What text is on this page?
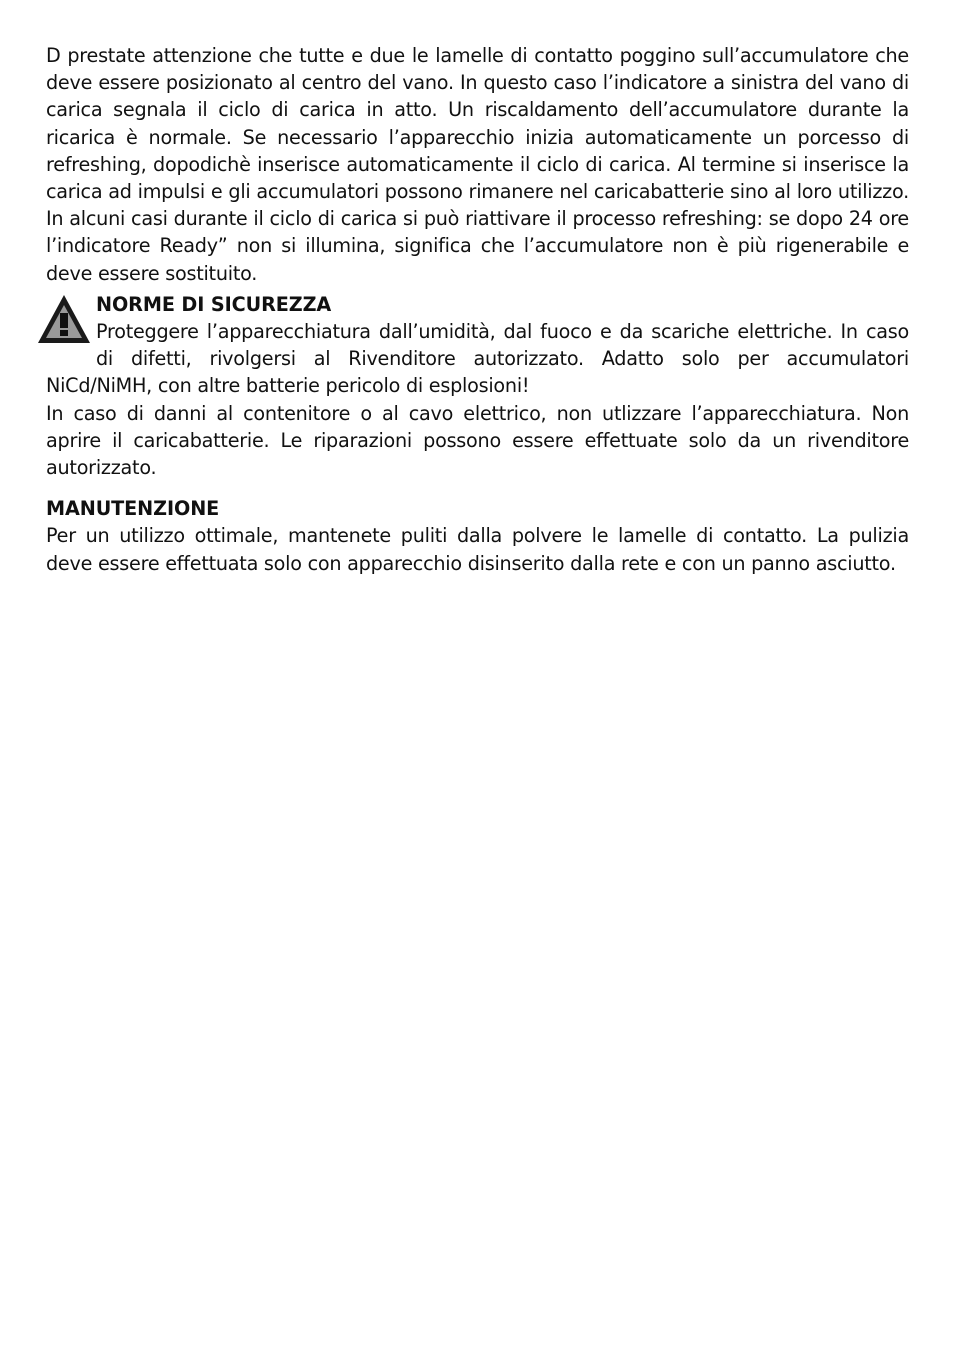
D prestate attenzione che tutte e due le lamelle di contatto poggino sull’accumulatore che deve essere posizionato al centro del vano. In questo caso l’indicatore a sinistra del vano di carica segnala il ciclo di carica in atto. Un riscaldamento dell’accumulatore durante la ricarica è normale. Se necessario l’apparecchio inizia automaticamente un porcesso di refreshing, dopodichè inserisce automaticamente il ciclo di carica. Al termine si inserisce la carica ad impulsi e gli accumulatori possono rimanere nel caricabatterie sino al loro utilizzo. In alcuni casi durante il ciclo di carica si può riattivare il processo refreshing: se dopo 24 ore l’indicatore Ready” non si illumina, significa che l’accumulatore non è più rigenerabile e deve essere sostituito.

NORME DI SICUREZZA

Proteggere l’apparecchiatura dall’umidità, dal fuoco e da scariche elettriche. In caso di difetti, rivolgersi al Rivenditore autorizzato. Adatto solo per accumulatori NiCd/NiMH, con altre batterie pericolo di esplosioni!

In caso di danni al contenitore o al cavo elettrico, non utlizzare l’apparecchiatura. Non aprire il caricabatterie. Le riparazioni possono essere effettuate solo da un rivenditore autorizzato.

MANUTENZIONE

Per un utilizzo ottimale, mantenete puliti dalla polvere le lamelle di contatto. La pulizia deve essere effettuata solo con apparecchio disinserito dalla rete e con un panno asciutto.
